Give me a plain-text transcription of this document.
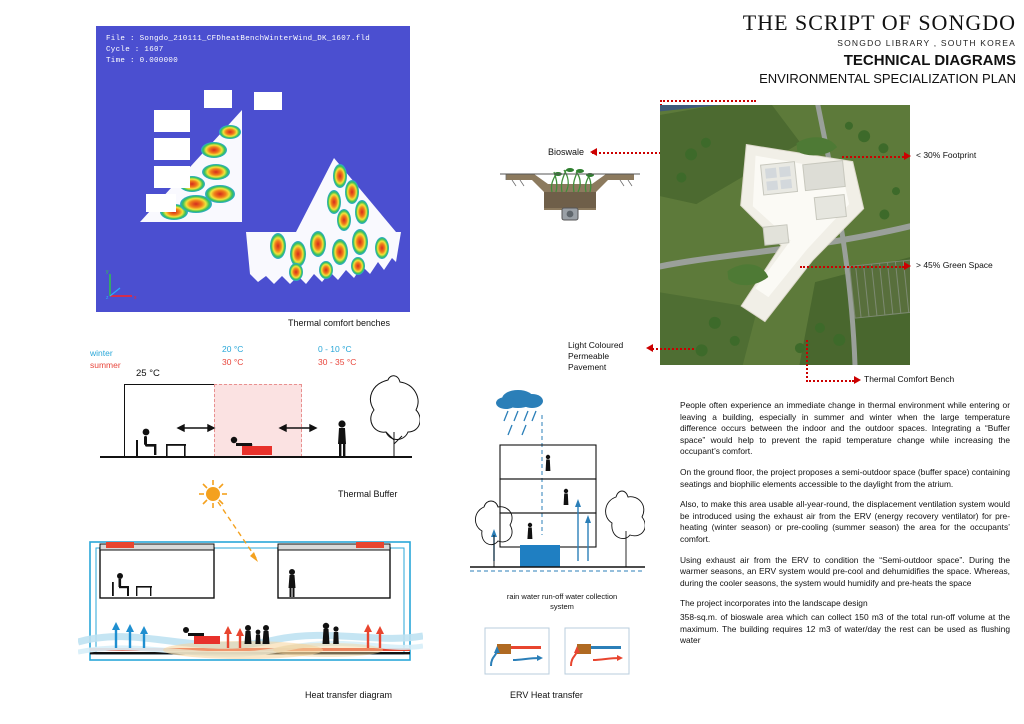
THE SCRIPT OF SONGDO
SONGDO LIBRARY , SOUTH KOREA
TECHNICAL DIAGRAMS
ENVIRONMENTAL SPECIALIZATION PLAN
File : Songdo_210111_CFDheatBenchWinterWind_DK_1607.fld
Cycle : 1607
Time : 0.000000
y
x
z
Thermal comfort benches
winter
summer
25 °C
20 °C
30 °C
0 - 10 °C
30 - 35 °C
Thermal Buffer
Heat transfer diagram
Bioswale	< 30% Footprint
> 45% Green Space
Thermal Comfort Bench
Light Coloured
Permeable
Pavement
rain water run-off water collection system
ERV Heat transfer

People often experience an immediate change in thermal environment while entering or leaving a building, especially in summer and winter when the large temperature difference occurs between the indoor and the outdoor spaces. Integrating a “Buffer space” would help to prevent the rapid temperature change while increasing the occupant’s comfort.

On the ground floor, the project proposes a semi-outdoor space (buffer space) containing seatings and biophilic elements accessible to the daylight from the atrium.

Also, to make this area usable all-year-round, the displacement ventilation system would be introduced using the exhaust air from the ERV (energy recovery ventilator) for pre-heating (winter season) or pre-cooling (summer season) the area for the occupants’ comfort.

Using exhaust air from the ERV to condition the “Semi-outdoor space”. During the warmer seasons, an ERV system would pre-cool and dehumidifies the space. Whereas, during the cooler seasons, the system would humidify and pre-heats the space

The project incorporates into the landscape design

358-sq.m. of bioswale area which can collect 150 m3 of the total run-off volume at the maximum. The building requires 12 m3 of water/day the rest can be used as flushing water
